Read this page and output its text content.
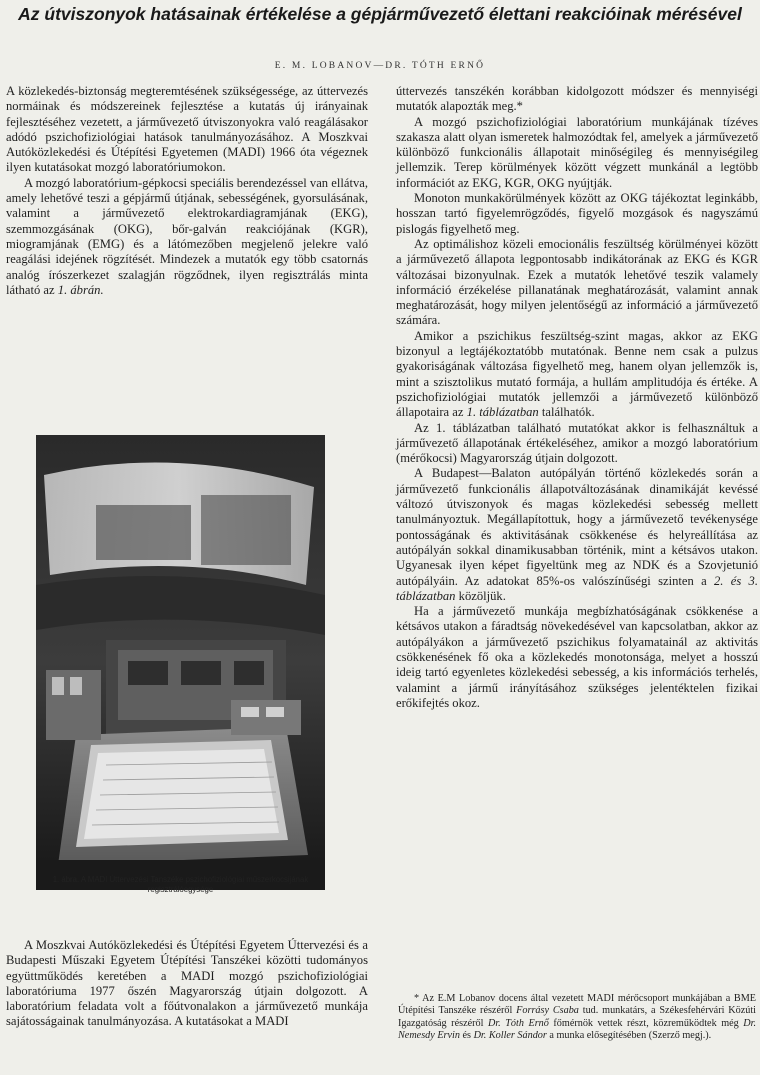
Az útviszonyok hatásainak értékelése a gépjárművezető élettani reakcióinak mérésével
E. M. LOBANOV—DR. TÓTH ERNŐ

A közlekedés-biztonság megteremtésének szükségessége, az úttervezés normáinak és módszereinek fejlesztése a kutatás új irányainak fejlesztéséhez vezetett, a járművezető útviszonyokra való reagálásakor adódó pszichofiziológiai hatások tanulmányozásához. A Moszkvai Autóközlekedési és Útépítési Egyetemen (MADI) 1966 óta végeznek ilyen kutatásokat mozgó laboratóriumokon.

A mozgó laboratórium-gépkocsi speciális berendezéssel van ellátva, amely lehetővé teszi a gépjármű útjának, sebességének, gyorsulásának, valamint a járművezető elektrokardiagramjának (EKG), szemmozgásának (OKG), bőr-galván reakciójának (KGR), miogramjának (EMG) és a látómezőben megjelenő jelekre való reagálási idejének rögzítését. Mindezek a mutatók egy több csatornás analóg írószerkezet szalagján rögződnek, ilyen regisztrálás minta látható az 1. ábrán.

1. ábra. A MADI Úttervezési Tanszéke pszichofiziológiai műszerkocsijának regisztrálóegysége

A Moszkvai Autóközlekedési és Útépítési Egyetem Úttervezési és a Budapesti Műszaki Egyetem Útépítési Tanszékei közötti tudományos együttműködés keretében a MADI mozgó pszichofiziológiai laboratóriuma 1977 őszén Magyarország útjain dolgozott. A laboratórium feladata volt a főútvonalakon a járművezető munkája sajátosságainak tanulmányozása. A kutatásokat a MADI

úttervezés tanszékén korábban kidolgozott módszer és mennyiségi mutatók alapozták meg.*

A mozgó pszichofiziológiai laboratórium munkájának tízéves szakasza alatt olyan ismeretek halmozódtak fel, amelyek a járművezető különböző funkcionális állapotait minőségileg és mennyiségileg jellemzik. Terep körülmények között végzett munkánál a legtöbb információt az EKG, KGR, OKG nyújtják.

Monoton munkakörülmények között az OKG tájékoztat leginkább, hosszan tartó figyelemrögződés, figyelő mozgások és nagyszámú pislogás figyelhető meg.

Az optimálishoz közeli emocionális feszültség körülményei között a járművezető állapota legpontosabb indikátorának az EKG és KGR változásai bizonyulnak. Ezek a mutatók lehetővé teszik valamely információ érzékelése pillanatának meghatározását, valamint annak meghatározását, hogy milyen jelentőségű az információ a járművezető számára.

Amikor a pszichikus feszültség-szint magas, akkor az EKG bizonyul a legtájékoztatóbb mutatónak. Benne nem csak a pulzus gyakoriságának változása figyelhető meg, hanem olyan jellemzők is, mint a szisztolikus mutató formája, a hullám amplitudója és értéke. A pszichofiziológiai mutatók jellemzői a járművezető különböző állapotaira az 1. táblázatban találhatók.

Az 1. táblázatban található mutatókat akkor is felhasználtuk a járművezető állapotának értékeléséhez, amikor a mozgó laboratórium (mérőkocsi) Magyarország útjain dolgozott.

A Budapest—Balaton autópályán történő közlekedés során a járművezető funkcionális állapotváltozásának dinamikáját kevéssé változó útviszonyok és magas közlekedési sebesség mellett tanulmányoztuk. Megállapítottuk, hogy a járművezető tevékenysége pontosságának és aktivitásának csökkenése és helyreállítása az autópályán sokkal dinamikusabban történik, mint a kétsávos utakon. Ugyanesak ilyen képet figyeltünk meg az NDK és a Szovjetunió autópályáin. Az adatokat 85%-os valószínűségi szinten a 2. és 3. táblázatban közöljük.

Ha a járművezető munkája megbízhatóságának csökkenése a kétsávos utakon a fáradtság növekedésével van kapcsolatban, akkor az autópályákon a járművezető pszichikus folyamatainál az aktivitás csökkenésének fő oka a közlekedés monotonsága, melyet a hosszú ideig tartó egyenletes közlekedési sebesség, a kis információs terhelés, valamint a jármű irányításához szükséges jelentéktelen fizikai erőkifejtés okoz.

* Az E.M Lobanov docens által vezetett MADI mérőcsoport munkájában a BME Útépítési Tanszéke részéről Forrásy Csaba tud. munkatárs, a Székesfehérvári Közúti Igazgatóság részéről Dr. Tóth Ernő főmérnök vettek részt, közreműködtek még Dr. Nemesdy Ervin és Dr. Koller Sándor a munka elősegítésében (Szerző megj.).
